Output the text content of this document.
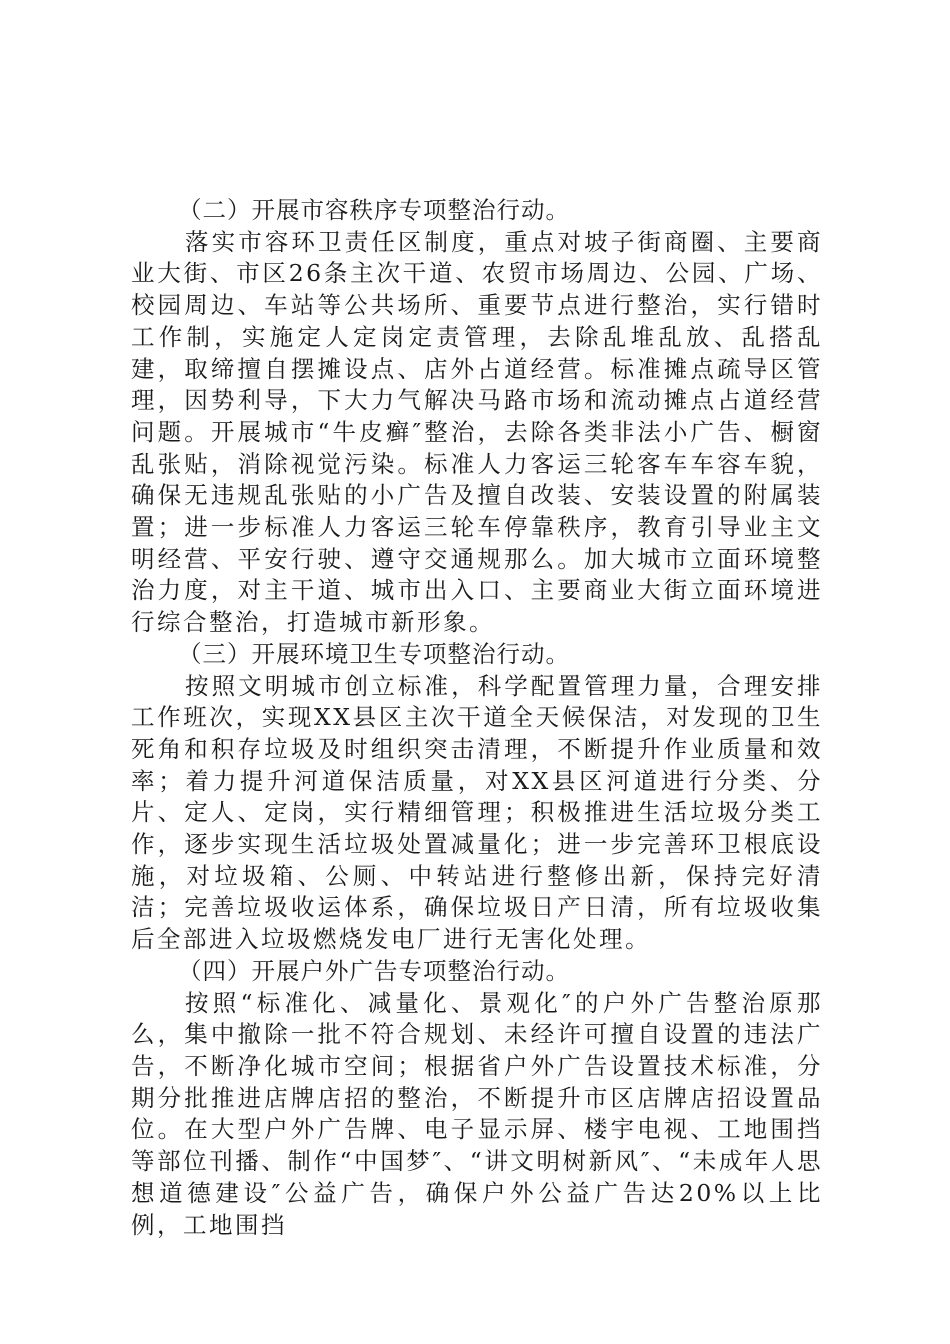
（二）开展市容秩序专项整治行动。

落实市容环卫责任区制度，重点对坡子街商圈、主要商业大街、市区26条主次干道、农贸市场周边、公园、广场、校园周边、车站等公共场所、重要节点进行整治，实行错时工作制，实施定人定岗定责管理，去除乱堆乱放、乱搭乱建，取缔擅自摆摊设点、店外占道经营。标准摊点疏导区管理，因势利导，下大力气解决马路市场和流动摊点占道经营问题。开展城市“牛皮癣″整治，去除各类非法小广告、橱窗乱张贴，消除视觉污染。标准人力客运三轮客车车容车貌，确保无违规乱张贴的小广告及擅自改装、安装设置的附属装置；进一步标准人力客运三轮车停靠秩序，教育引导业主文明经营、平安行驶、遵守交通规那么。加大城市立面环境整治力度，对主干道、城市出入口、主要商业大街立面环境进行综合整治，打造城市新形象。

（三）开展环境卫生专项整治行动。

按照文明城市创立标准，科学配置管理力量，合理安排工作班次，实现XX县区主次干道全天候保洁，对发现的卫生死角和积存垃圾及时组织突击清理，不断提升作业质量和效率；着力提升河道保洁质量，对XX县区河道进行分类、分片、定人、定岗，实行精细管理；积极推进生活垃圾分类工作，逐步实现生活垃圾处置减量化；进一步完善环卫根底设施，对垃圾箱、公厕、中转站进行整修出新，保持完好清洁；完善垃圾收运体系，确保垃圾日产日清，所有垃圾收集后全部进入垃圾燃烧发电厂进行无害化处理。

（四）开展户外广告专项整治行动。

按照“标准化、减量化、景观化″的户外广告整治原那么，集中撤除一批不符合规划、未经许可擅自设置的违法广告，不断净化城市空间；根据省户外广告设置技术标准，分期分批推进店牌店招的整治，不断提升市区店牌店招设置品位。在大型户外广告牌、电子显示屏、楼宇电视、工地围挡等部位刊播、制作“中国梦″、“讲文明树新风″、“未成年人思想道德建设″公益广告，确保户外公益广告达20%以上比例，工地围挡
